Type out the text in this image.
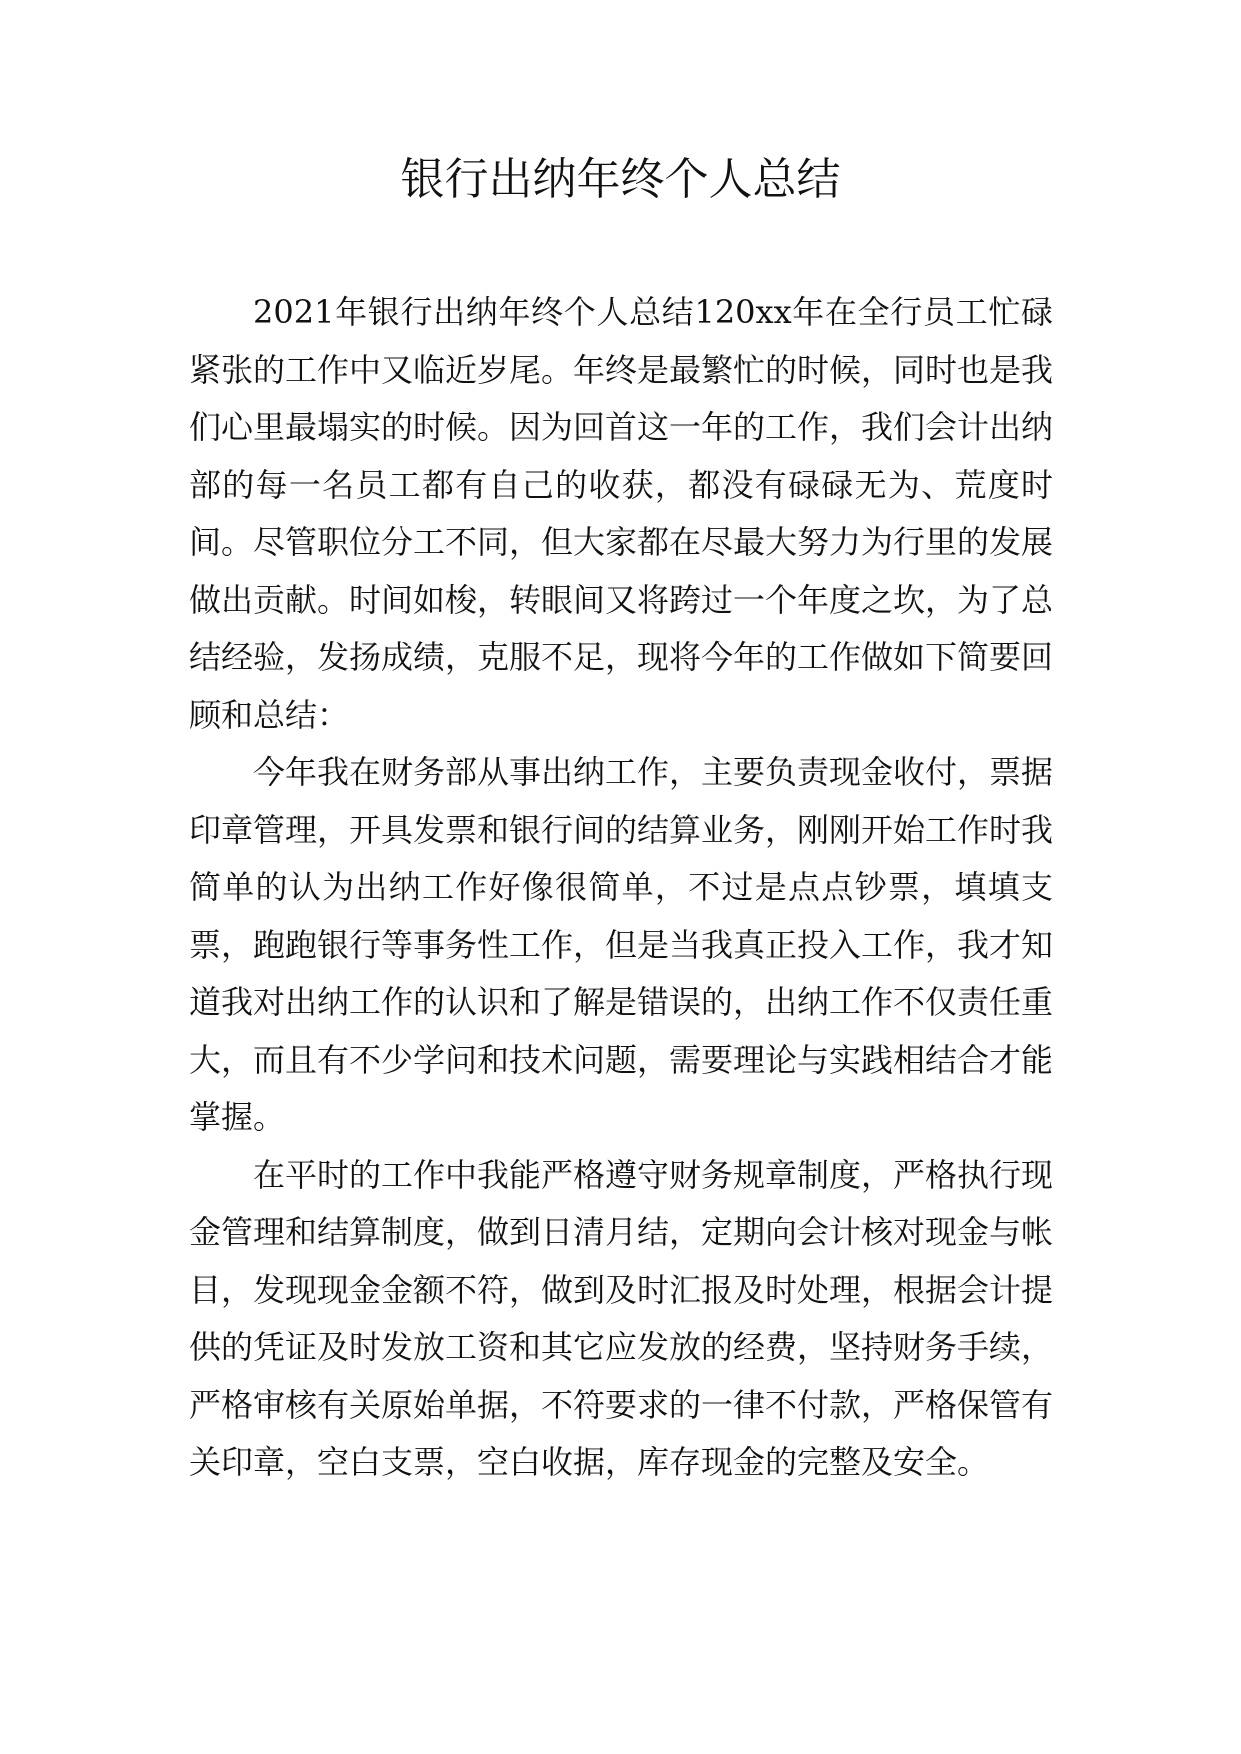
银行出纳年终个人总结

2021年银行出纳年终个人总结120xx年在全行员工忙碌紧张的工作中又临近岁尾。年终是最繁忙的时候，同时也是我们心里最塌实的时候。因为回首这一年的工作，我们会计出纳部的每一名员工都有自己的收获，都没有碌碌无为、荒度时间。尽管职位分工不同，但大家都在尽最大努力为行里的发展做出贡献。时间如梭，转眼间又将跨过一个年度之坎，为了总结经验，发扬成绩，克服不足，现将今年的工作做如下简要回顾和总结：

今年我在财务部从事出纳工作，主要负责现金收付，票据印章管理，开具发票和银行间的结算业务，刚刚开始工作时我简单的认为出纳工作好像很简单，不过是点点钞票，填填支票，跑跑银行等事务性工作，但是当我真正投入工作，我才知道我对出纳工作的认识和了解是错误的，出纳工作不仅责任重大，而且有不少学问和技术问题，需要理论与实践相结合才能掌握。

在平时的工作中我能严格遵守财务规章制度，严格执行现金管理和结算制度，做到日清月结，定期向会计核对现金与帐目，发现现金金额不符，做到及时汇报及时处理，根据会计提供的凭证及时发放工资和其它应发放的经费，坚持财务手续，严格审核有关原始单据，不符要求的一律不付款，严格保管有关印章，空白支票，空白收据，库存现金的完整及安全。
